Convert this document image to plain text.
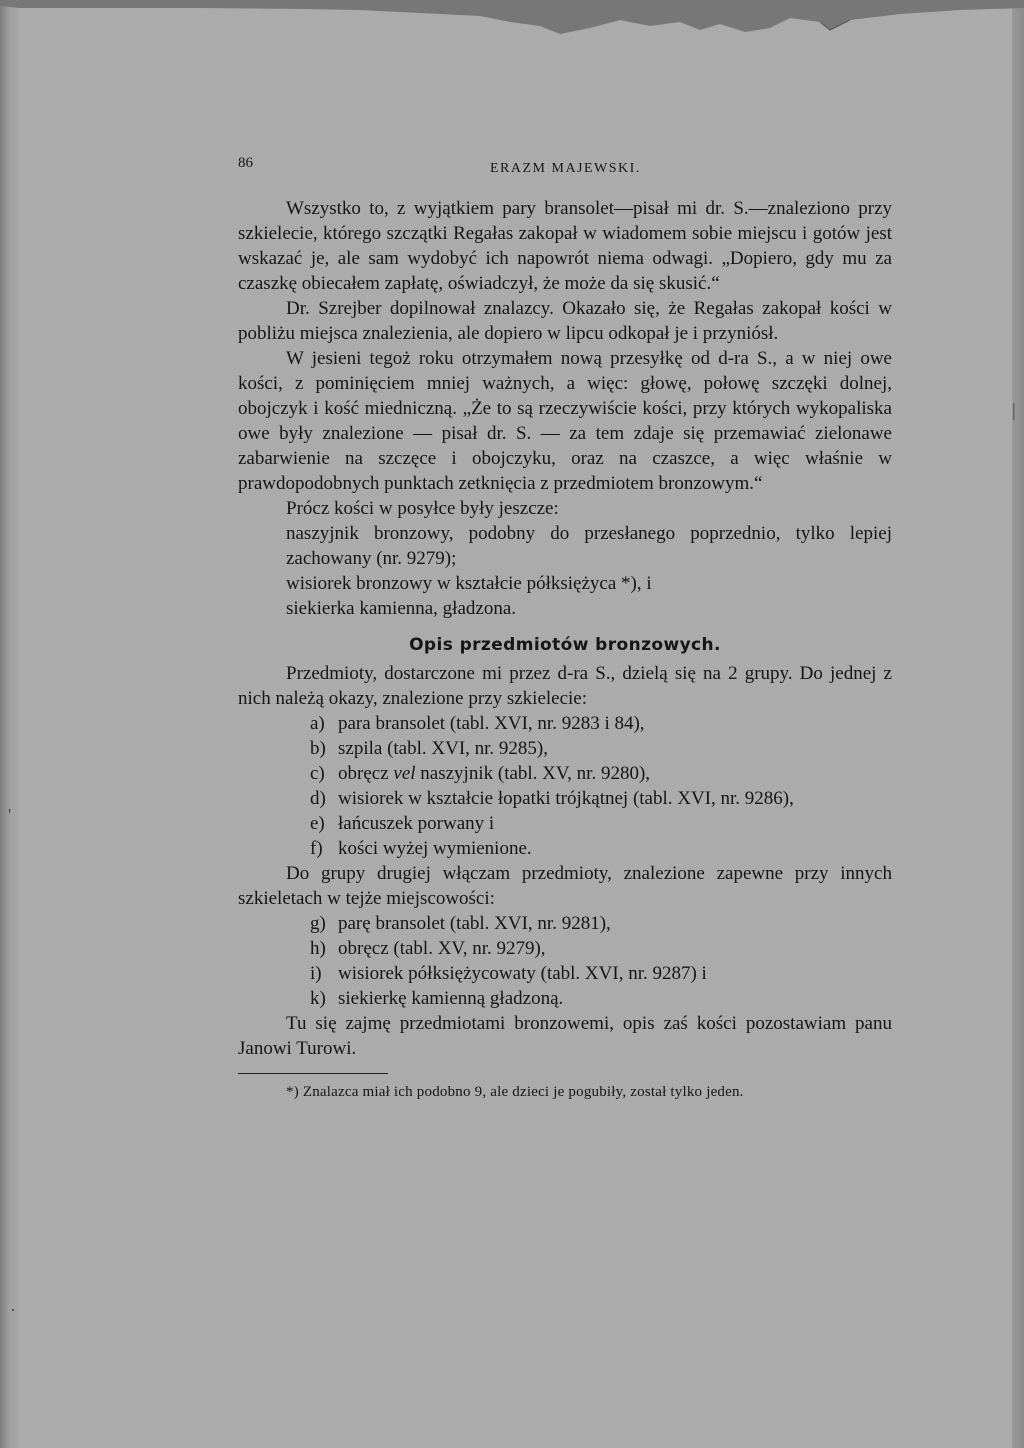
|
'
·
86	ERAZM MAJEWSKI.

Wszystko to, z wyjątkiem pary bransolet—pisał mi dr. S.—znaleziono przy szkielecie, którego szczątki Regałas zakopał w wiadomem sobie miejscu i gotów jest wskazać je, ale sam wydobyć ich napowrót niema odwagi. „Dopiero, gdy mu za czaszkę obiecałem zapłatę, oświadczył, że może da się skusić.“

Dr. Szrejber dopilnował znalazcy. Okazało się, że Regałas zakopał kości w pobliżu miejsca znalezienia, ale dopiero w lipcu odkopał je i przyniósł.

W jesieni tegoż roku otrzymałem nową przesyłkę od d-ra S., a w niej owe kości, z pominięciem mniej ważnych, a więc: głowę, połowę szczęki dolnej, obojczyk i kość miedniczną. „Że to są rzeczywiście kości, przy których wykopaliska owe były znalezione — pisał dr. S. — za tem zdaje się przemawiać zielonawe zabarwienie na szczęce i obojczyku, oraz na czaszce, a więc właśnie w prawdopodobnych punktach zetknięcia z przedmiotem bronzowym.“

Prócz kości w posyłce były jeszcze:

naszyjnik bronzowy, podobny do przesłanego poprzednio, tylko lepiej zachowany (nr. 9279);

wisiorek bronzowy w kształcie półksiężyca *), i

siekierka kamienna, gładzona.

Opis przedmiotów bronzowych.

Przedmioty, dostarczone mi przez d-ra S., dzielą się na 2 grupy. Do jednej z nich należą okazy, znalezione przy szkielecie:

a) para bransolet (tabl. XVI, nr. 9283 i 84),
b) szpila (tabl. XVI, nr. 9285),
c) obręcz vel naszyjnik (tabl. XV, nr. 9280),
d) wisiorek w kształcie łopatki trójkątnej (tabl. XVI, nr. 9286),
e) łańcuszek porwany i
f) kości wyżej wymienione.

Do grupy drugiej włączam przedmioty, znalezione zapewne przy innych szkieletach w tejże miejscowości:

g) parę bransolet (tabl. XVI, nr. 9281),
h) obręcz (tabl. XV, nr. 9279),
i) wisiorek półksiężycowaty (tabl. XVI, nr. 9287) i
k) siekierkę kamienną gładzoną.

Tu się zajmę przedmiotami bronzowemi, opis zaś kości pozostawiam panu Janowi Turowi.

*) Znalazca miał ich podobno 9, ale dzieci je pogubiły, został tylko jeden.
